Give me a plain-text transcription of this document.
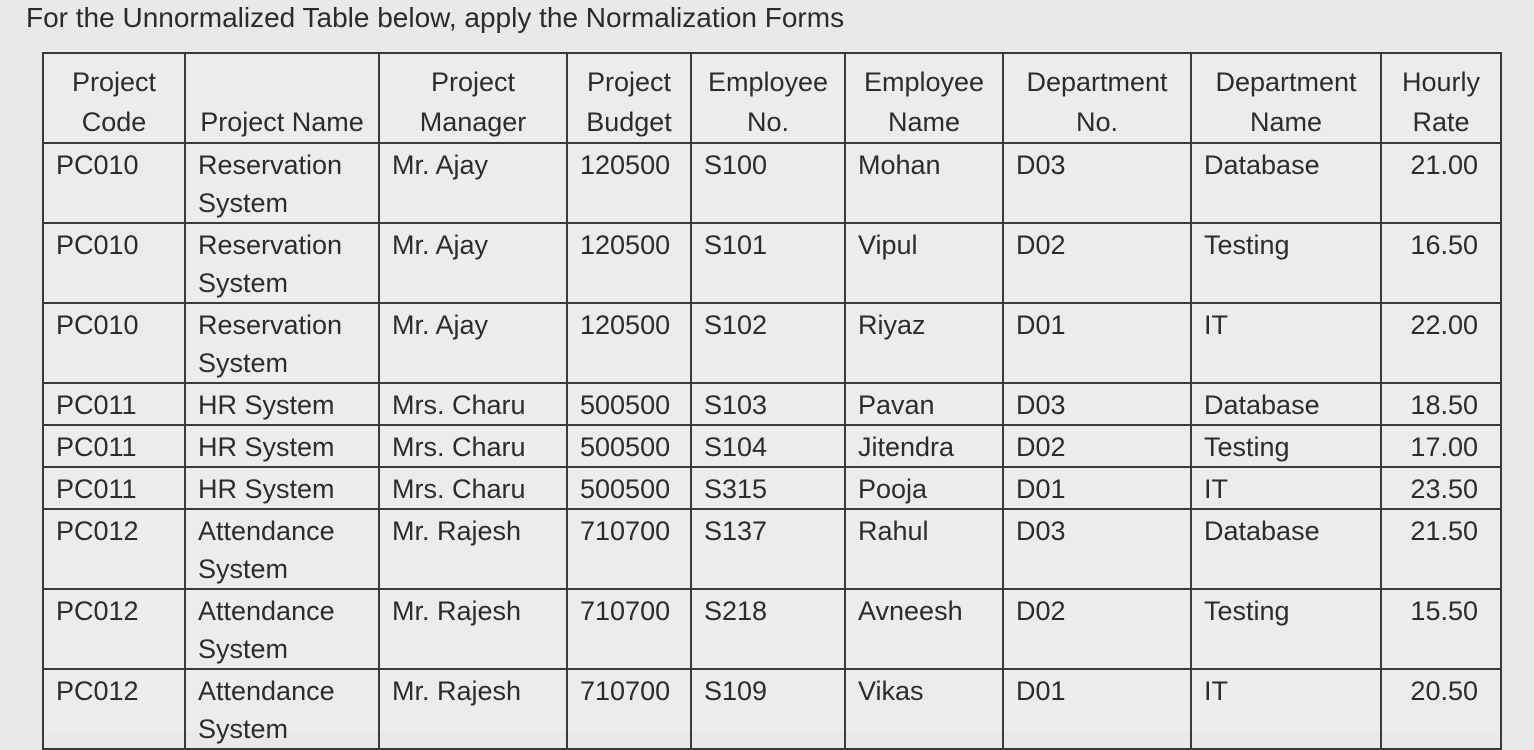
For the Unnormalized Table below, apply the Normalization Forms
Project Code	Project Name	Project Manager	Project Budget	Employee No.	Employee Name	Department No.	Department Name	Hourly Rate
PC010	Reservation System	Mr. Ajay	120500	S100	Mohan	D03	Database	21.00
PC010	Reservation System	Mr. Ajay	120500	S101	Vipul	D02	Testing	16.50
PC010	Reservation System	Mr. Ajay	120500	S102	Riyaz	D01	IT	22.00
PC011	HR System	Mrs. Charu	500500	S103	Pavan	D03	Database	18.50
PC011	HR System	Mrs. Charu	500500	S104	Jitendra	D02	Testing	17.00
PC011	HR System	Mrs. Charu	500500	S315	Pooja	D01	IT	23.50
PC012	Attendance System	Mr. Rajesh	710700	S137	Rahul	D03	Database	21.50
PC012	Attendance System	Mr. Rajesh	710700	S218	Avneesh	D02	Testing	15.50
PC012	Attendance System	Mr. Rajesh	710700	S109	Vikas	D01	IT	20.50
